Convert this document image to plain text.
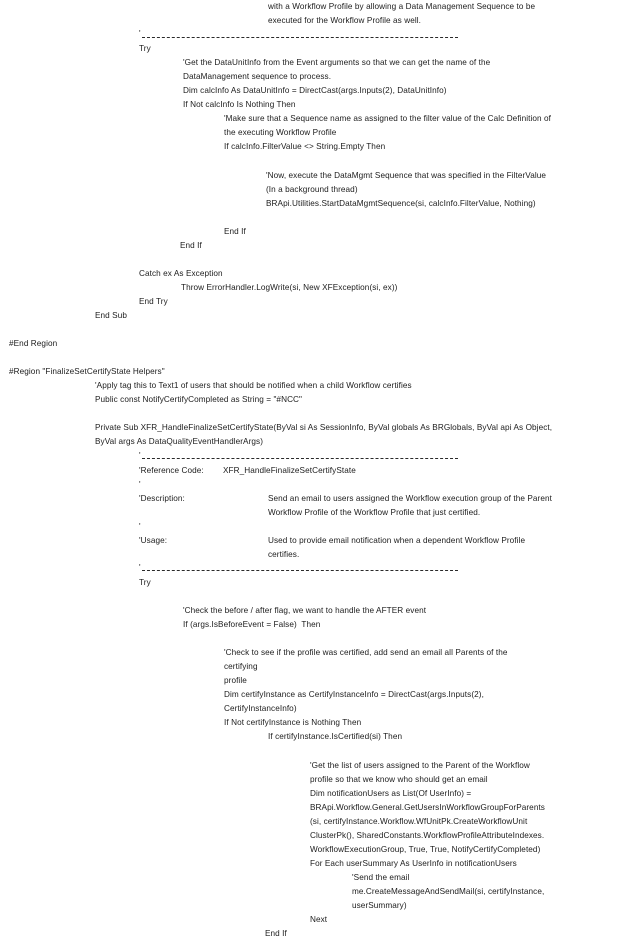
with a Workflow Profile by allowing a Data Management Sequence to be
executed for the Workflow Profile as well.
'
Try
'Get the DataUnitInfo from the Event arguments so that we can get the name of the
DataManagement sequence to process.
Dim calcInfo As DataUnitInfo = DirectCast(args.Inputs(2), DataUnitInfo)
If Not calcInfo Is Nothing Then
'Make sure that a Sequence name as assigned to the filter value of the Calc Definition of
the executing Workflow Profile
If calcInfo.FilterValue <> String.Empty Then
'Now, execute the DataMgmt Sequence that was specified in the FilterValue
(In a background thread)
BRApi.Utilities.StartDataMgmtSequence(si, calcInfo.FilterValue, Nothing)
End If
End If
Catch ex As Exception
Throw ErrorHandler.LogWrite(si, New XFException(si, ex))
End Try
End Sub
#End Region
#Region "FinalizeSetCertifyState Helpers"
'Apply tag this to Text1 of users that should be notified when a child Workflow certifies
Public const NotifyCertifyCompleted as String = "#NCC"
Private Sub XFR_HandleFinalizeSetCertifyState(ByVal si As SessionInfo, ByVal globals As BRGlobals, ByVal api As Object, ByVal args As DataQualityEventHandlerArgs)
'
'Reference Code: XFR_HandleFinalizeSetCertifyState
'
'Description:	Send an email to users assigned the Workflow execution group of the Parent
Workflow Profile of the Workflow Profile that just certified.
'
'Usage:	Used to provide email notification when a dependent Workflow Profile
certifies.
'
Try
'Check the before / after flag, we want to handle the AFTER event
If (args.IsBeforeEvent = False)  Then
'Check to see if the profile was certified, add send an email all Parents of the certifying
profile
Dim certifyInstance as CertifyInstanceInfo = DirectCast(args.Inputs(2),
CertifyInstanceInfo)
If Not certifyInstance is Nothing Then
If certifyInstance.IsCertified(si) Then
'Get the list of users assigned to the Parent of the Workflow
profile so that we know who should get an email
Dim notificationUsers as List(Of UserInfo) =
BRApi.Workflow.General.GetUsersInWorkflowGroupForParents
(si, certifyInstance.Workflow.WfUnitPk.CreateWorkflowUnit
ClusterPk(), SharedConstants.WorkflowProfileAttributeIndexes.
WorkflowExecutionGroup, True, True, NotifyCertifyCompleted)
For Each userSummary As UserInfo in notificationUsers
'Send the email
me.CreateMessageAndSendMail(si, certifyInstance,
userSummary)
Next
End If
